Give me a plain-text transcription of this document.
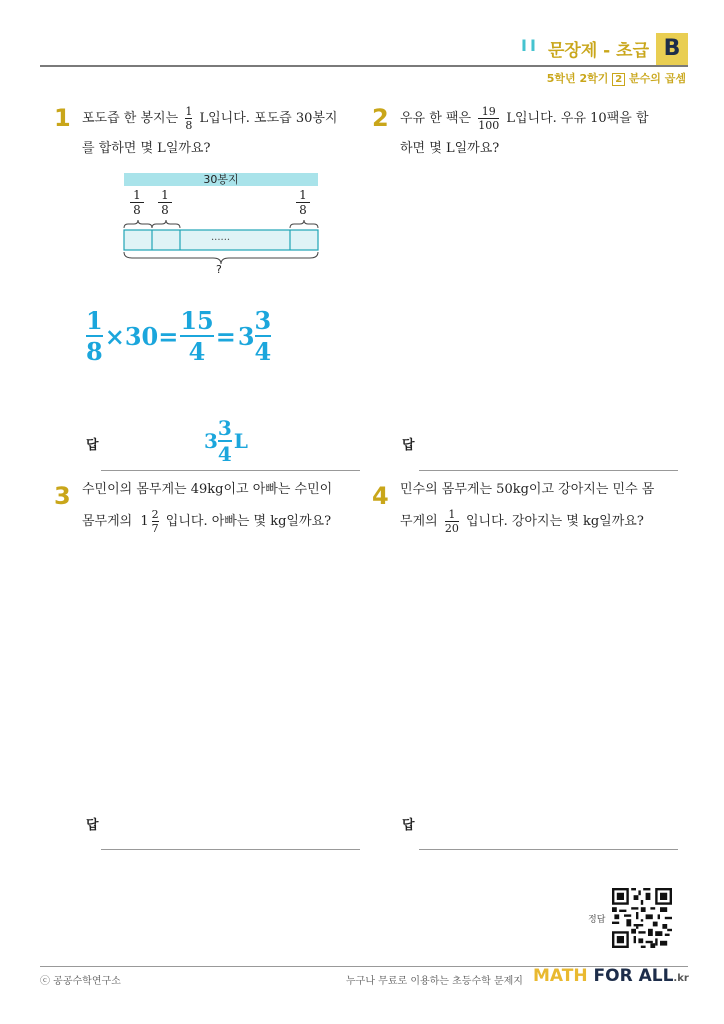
II 문장제 - 초급 B
5학년 2학기 2 분수의 곱셈
1 포도즙 한 봉지는 $\frac{1}{8}$ L입니다. 포도즙 30봉지
를 합하면 몇 L일까요?
30봉지
1
8
1
8
1
8
......
?
1
8
×30=
15
4
= 3
3
4
답	3
3
4
L
2 우유 한 팩은 $\frac{19}{100}$ L입니다. 우유 10팩을 합
하면 몇 L일까요?
답
3 수민이의 몸무게는 49kg이고 아빠는 수민이
몸무게의 $1 \frac{2}{7}$ 입니다. 아빠는 몇 kg일까요?
답
4 민수의 몸무게는 50kg이고 강아지는 민수 몸
무게의 $\frac{1}{20}$ 입니다. 강아지는 몇 kg일까요?
답
정답
ⓒ 공공수학연구소	누구나 무료로 이용하는 초등수학 문제지 MATH FOR ALL.kr
